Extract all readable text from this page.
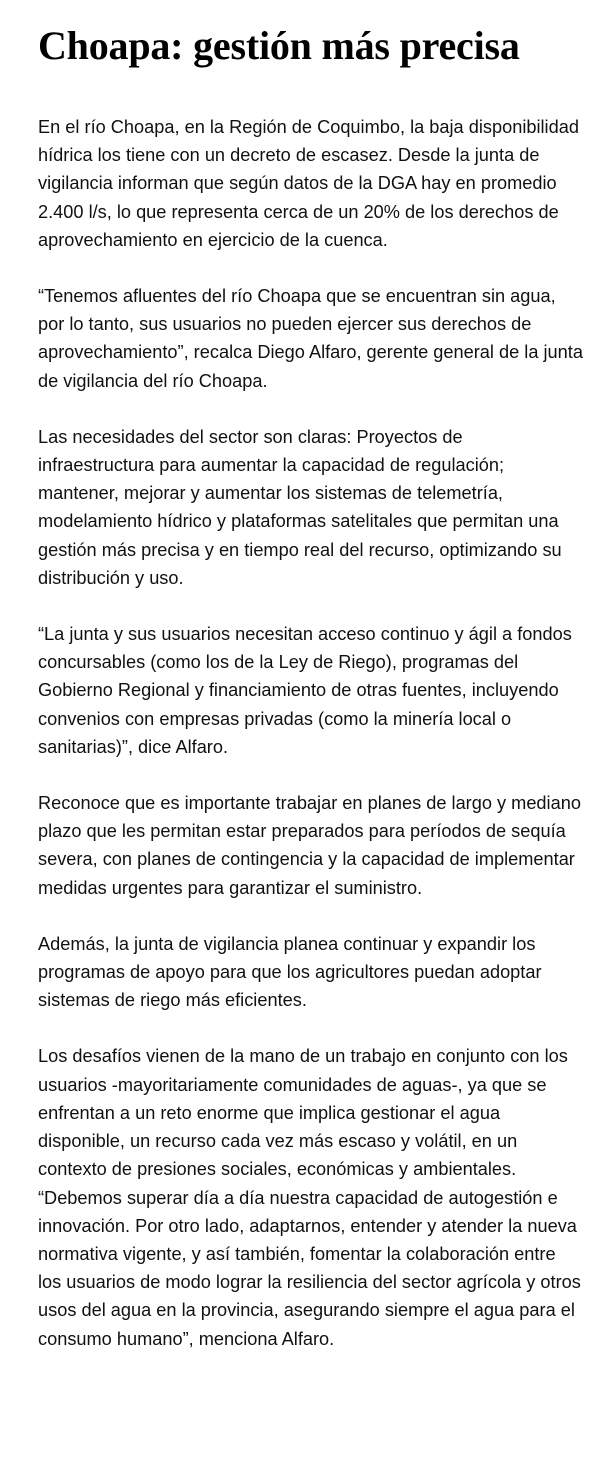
Choapa: gestión más precisa

En el río Choapa, en la Región de Coquimbo, la baja disponibilidad hídrica los tiene con un decreto de escasez. Desde la junta de vigilancia informan que según datos de la DGA hay en promedio 2.400 l/s, lo que representa cerca de un 20% de los derechos de aprovechamiento en ejercicio de la cuenca.

“Tenemos afluentes del río Choapa que se encuentran sin agua, por lo tanto, sus usuarios no pueden ejercer sus derechos de aprovechamiento”, recalca Diego Alfaro, gerente general de la junta de vigilancia del río Choapa.

Las necesidades del sector son claras: Proyectos de infraestructura para aumentar la capacidad de regulación; mantener, mejorar y aumentar los sistemas de telemetría, modelamiento hídrico y plataformas satelitales que permitan una gestión más precisa y en tiempo real del recurso, optimizando su distribución y uso.

“La junta y sus usuarios necesitan acceso continuo y ágil a fondos concursables (como los de la Ley de Riego), programas del Gobierno Regional y financiamiento de otras fuentes, incluyendo convenios con empresas privadas (como la minería local o sanitarias)”, dice Alfaro.

Reconoce que es importante trabajar en planes de largo y mediano plazo que les permitan estar preparados para períodos de sequía severa, con planes de contingencia y la capacidad de implementar medidas urgentes para garantizar el suministro.

Además, la junta de vigilancia planea continuar y expandir los programas de apoyo para que los agricultores puedan adoptar sistemas de riego más eficientes.

Los desafíos vienen de la mano de un trabajo en conjunto con los usuarios -mayoritariamente comunidades de aguas-, ya que se enfrentan a un reto enorme que implica gestionar el agua disponible, un recurso cada vez más escaso y volátil, en un contexto de presiones sociales, económicas y ambientales. “Debemos superar día a día nuestra capacidad de autogestión e innovación. Por otro lado, adaptarnos, entender y atender la nueva normativa vigente, y así también, fomentar la colaboración entre los usuarios de modo lograr la resiliencia del sector agrícola y otros usos del agua en la provincia, asegurando siempre el agua para el consumo humano”, menciona Alfaro.
